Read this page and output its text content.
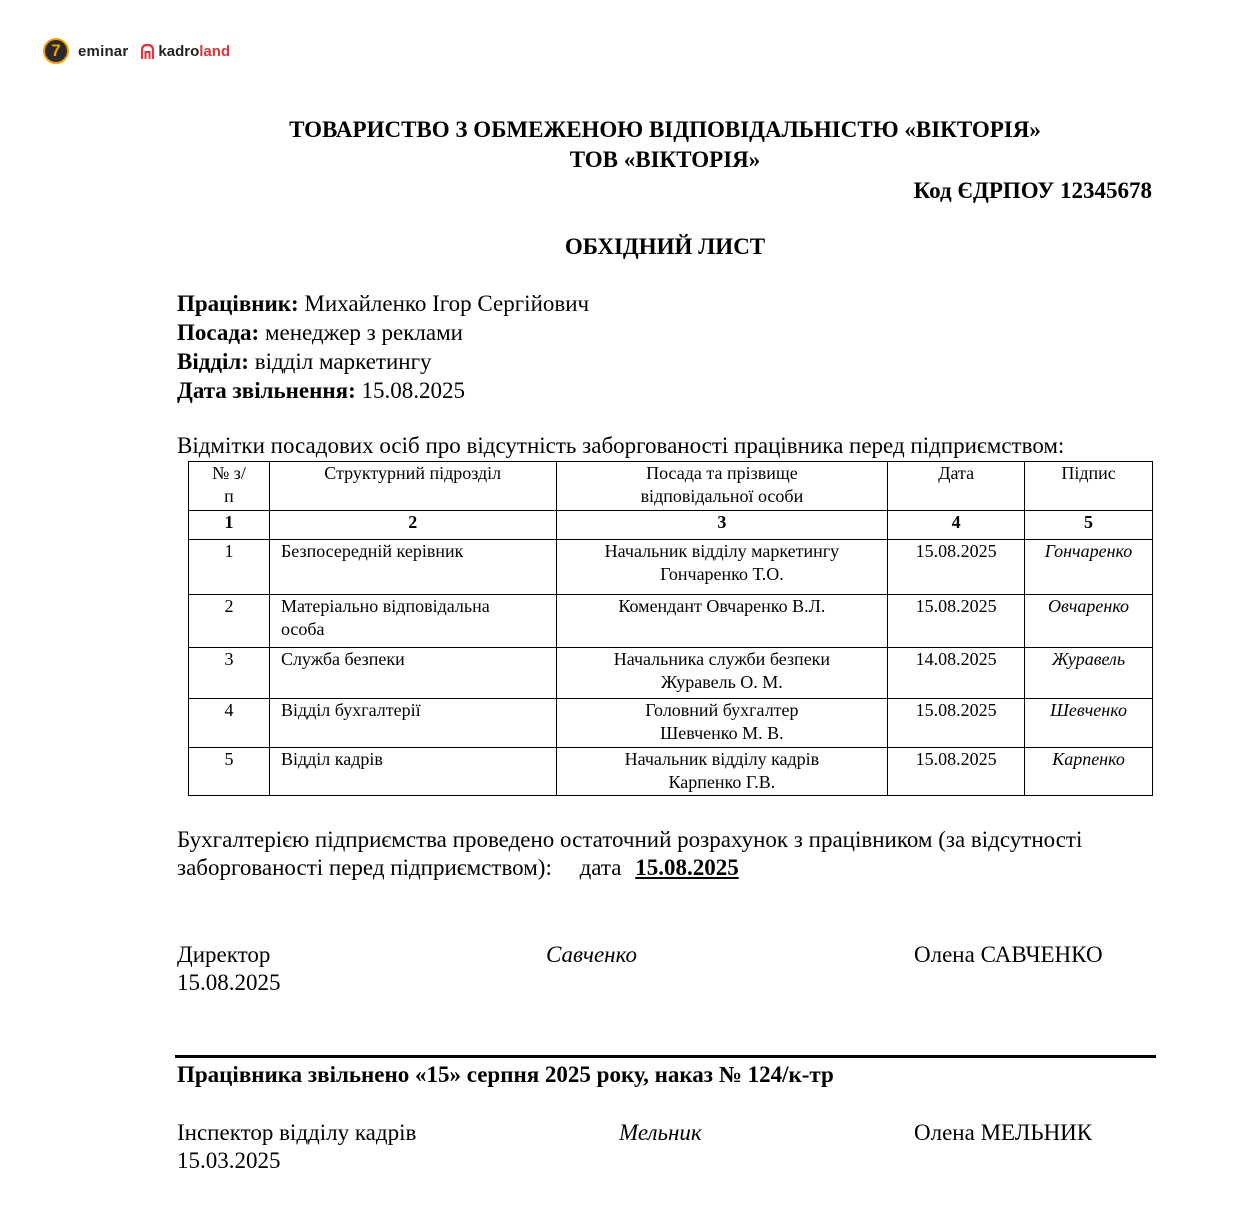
7	eminar kadro land
ТОВАРИСТВО З ОБМЕЖЕНОЮ ВІДПОВІДАЛЬНІСТЮ «ВІКТОРІЯ»
ТОВ «ВІКТОРІЯ»
Код ЄДРПОУ 12345678
ОБХІДНИЙ ЛИСТ
Працівник: Михайленко Ігор Сергійович
Посада: менеджер з реклами
Відділ: відділ маркетингу
Дата звільнення: 15.08.2025
Відмітки посадових осіб про відсутність заборгованості працівника перед підприємством:
№ з/п	Структурний підрозділ	Посада та прізвище відповідальної особи	Дата	Підпис
1	2	3	4	5
1	Безпосередній керівник	Начальник відділу маркетингу Гончаренко Т.О.	15.08.2025	Гончаренко
2	Матеріально відповідальна особа	Комендант Овчаренко В.Л.	15.08.2025	Овчаренко
3	Служба безпеки	Начальника служби безпеки Журавель О. М.	14.08.2025	Журавель
4	Відділ бухгалтерії	Головний бухгалтер Шевченко М. В.	15.08.2025	Шевченко
5	Відділ кадрів	Начальник відділу кадрів Карпенко Г.В.	15.08.2025	Карпенко
Бухгалтерією підприємства проведено остаточний розрахунок з працівником (за відсутності заборгованості перед підприємством): дата 15.08.2025
Директор
15.08.2025
Савченко	Олена САВЧЕНКО
Працівника звільнено «15» серпня 2025 року, наказ № 124/к-тр
Інспектор відділу кадрів
15.03.2025
Мельник	Олена МЕЛЬНИК
